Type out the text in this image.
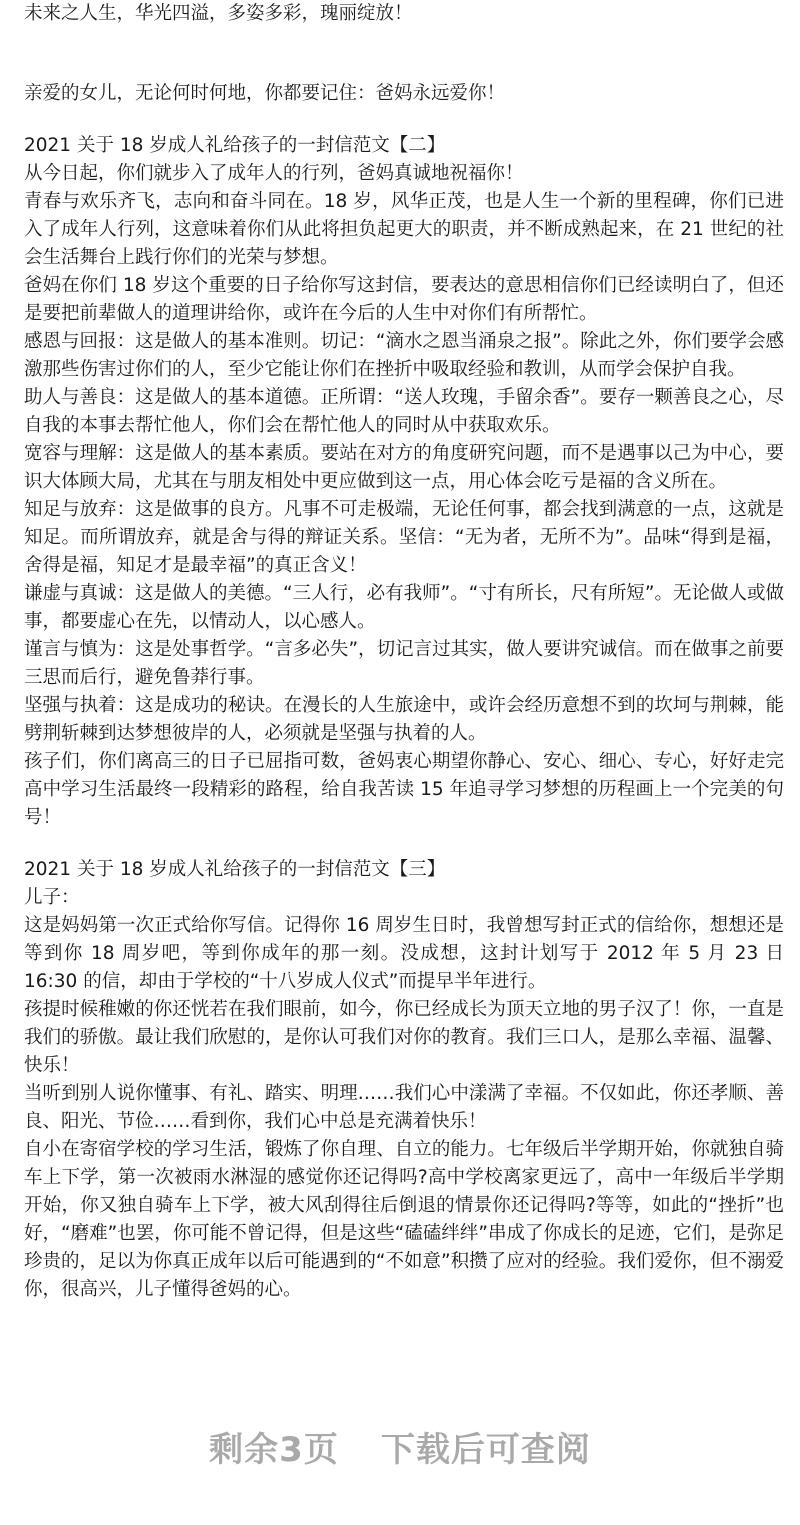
未来之人生，华光四溢，多姿多彩，瑰丽绽放！

亲爱的女儿，无论何时何地，你都要记住：爸妈永远爱你！

2021 关于 18 岁成人礼给孩子的一封信范文【二】

从今日起，你们就步入了成年人的行列，爸妈真诚地祝福你！

青春与欢乐齐飞，志向和奋斗同在。18 岁，风华正茂，也是人生一个新的里程碑，你们已进入了成年人行列，这意味着你们从此将担负起更大的职责，并不断成熟起来，在 21 世纪的社会生活舞台上践行你们的光荣与梦想。

爸妈在你们 18 岁这个重要的日子给你写这封信，要表达的意思相信你们已经读明白了，但还是要把前辈做人的道理讲给你，或许在今后的人生中对你们有所帮忙。

感恩与回报：这是做人的基本准则。切记：“滴水之恩当涌泉之报”。除此之外，你们要学会感激那些伤害过你们的人，至少它能让你们在挫折中吸取经验和教训，从而学会保护自我。

助人与善良：这是做人的基本道德。正所谓：“送人玫瑰，手留余香”。要存一颗善良之心，尽自我的本事去帮忙他人，你们会在帮忙他人的同时从中获取欢乐。

宽容与理解：这是做人的基本素质。要站在对方的角度研究问题，而不是遇事以己为中心，要识大体顾大局，尤其在与朋友相处中更应做到这一点，用心体会吃亏是福的含义所在。

知足与放弃：这是做事的良方。凡事不可走极端，无论任何事，都会找到满意的一点，这就是知足。而所谓放弃，就是舍与得的辩证关系。坚信：“无为者，无所不为”。品味“得到是福，舍得是福，知足才是最幸福”的真正含义！

谦虚与真诚：这是做人的美德。“三人行，必有我师”。“寸有所长，尺有所短”。无论做人或做事，都要虚心在先，以情动人，以心感人。

谨言与慎为：这是处事哲学。“言多必失”，切记言过其实，做人要讲究诚信。而在做事之前要三思而后行，避免鲁莽行事。

坚强与执着：这是成功的秘诀。在漫长的人生旅途中，或许会经历意想不到的坎坷与荆棘，能劈荆斩棘到达梦想彼岸的人，必须就是坚强与执着的人。

孩子们，你们离高三的日子已屈指可数，爸妈衷心期望你静心、安心、细心、专心，好好走完高中学习生活最终一段精彩的路程，给自我苦读 15 年追寻学习梦想的历程画上一个完美的句号！

2021 关于 18 岁成人礼给孩子的一封信范文【三】

儿子：

这是妈妈第一次正式给你写信。记得你 16 周岁生日时，我曾想写封正式的信给你，想想还是等到你 18 周岁吧，等到你成年的那一刻。没成想，这封计划写于 2012 年 5 月 23 日 16:30 的信，却由于学校的“十八岁成人仪式”而提早半年进行。

孩提时候稚嫩的你还恍若在我们眼前，如今，你已经成长为顶天立地的男子汉了！你，一直是我们的骄傲。最让我们欣慰的，是你认可我们对你的教育。我们三口人，是那么幸福、温馨、快乐！

当听到别人说你懂事、有礼、踏实、明理……我们心中漾满了幸福。不仅如此，你还孝顺、善良、阳光、节俭……看到你，我们心中总是充满着快乐！

自小在寄宿学校的学习生活，锻炼了你自理、自立的能力。七年级后半学期开始，你就独自骑车上下学，第一次被雨水淋湿的感觉你还记得吗?高中学校离家更远了，高中一年级后半学期开始，你又独自骑车上下学，被大风刮得往后倒退的情景你还记得吗?等等，如此的“挫折”也好，“磨难”也罢，你可能不曾记得，但是这些“磕磕绊绊”串成了你成长的足迹，它们，是弥足珍贵的，足以为你真正成年以后可能遇到的“不如意”积攒了应对的经验。我们爱你，但不溺爱你，很高兴，儿子懂得爸妈的心。

剩余3页 下载后可查阅
